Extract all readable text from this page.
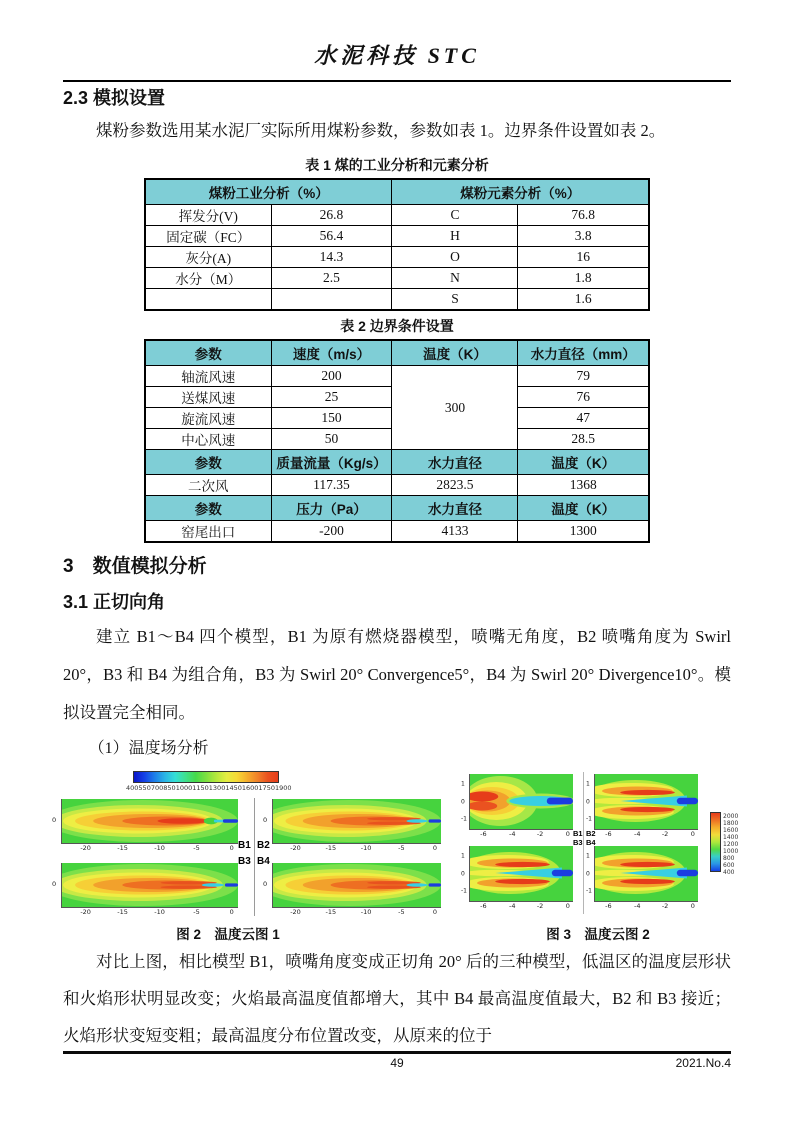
水泥科技 STC
2.3 模拟设置

煤粉参数选用某水泥厂实际所用煤粉参数，参数如表 1。边界条件设置如表 2。

表 1 煤的工业分析和元素分析
煤粉工业分析（%）		煤粉元素分析（%）	
挥发分(V)	26.8	C	76.8
固定碳（FC）	56.4	H	3.8
灰分(A)	14.3	O	16
水分（M）	2.5	N	1.8
		S	1.6
表 2 边界条件设置
参数	速度（m/s）	温度（K）	水力直径（mm）
轴流风速	200	300	79
送煤风速	25		76
旋流风速	150		47
中心风速	50		28.5
参数	质量流量（Kg/s）	水力直径	温度（K）
二次风	117.35	2823.5	1368
参数	压力（Pa）	水力直径	温度（K）
窑尾出口	-200	4133	1300
3　数值模拟分析
3.1 正切向角

建立 B1～B4 四个模型，B1 为原有燃烧器模型，喷嘴无角度，B2 喷嘴角度为 Swirl 20°，B3 和 B4 为组合角，B3 为 Swirl 20° Convergence5°，B4 为 Swirl 20° Divergence10°。模拟设置完全相同。

（1）温度场分析

400 550 700 850 1000 1150 1300 1450 1600 1750 1900
0
-20	-15	-10	-5	0
0
-20	-15	-10	-5	0
0
-20	-15	-10	-5	0
0
-20	-15	-10	-5	0
B1 B2
B3 B4
1
0
-1
-6	-4	-2	0
1
0
-1
-6	-4	-2	0
1
0
-1
-6	-4	-2	0
1
0
-1
-6	-4	-2	0
B1 B2
B3 B4
2000
1800
1600
1400
1200
1000
800
600
400
图 2　温度云图 1	图 3　温度云图 2

对比上图，相比模型 B1，喷嘴角度变成正切角 20° 后的三种模型，低温区的温度层形状和火焰形状明显改变；火焰最高温度值都增大，其中 B4 最高温度值最大，B2 和 B3 接近；火焰形状变短变粗；最高温度分布位置改变，从原来的位于

49	2021.No.4
